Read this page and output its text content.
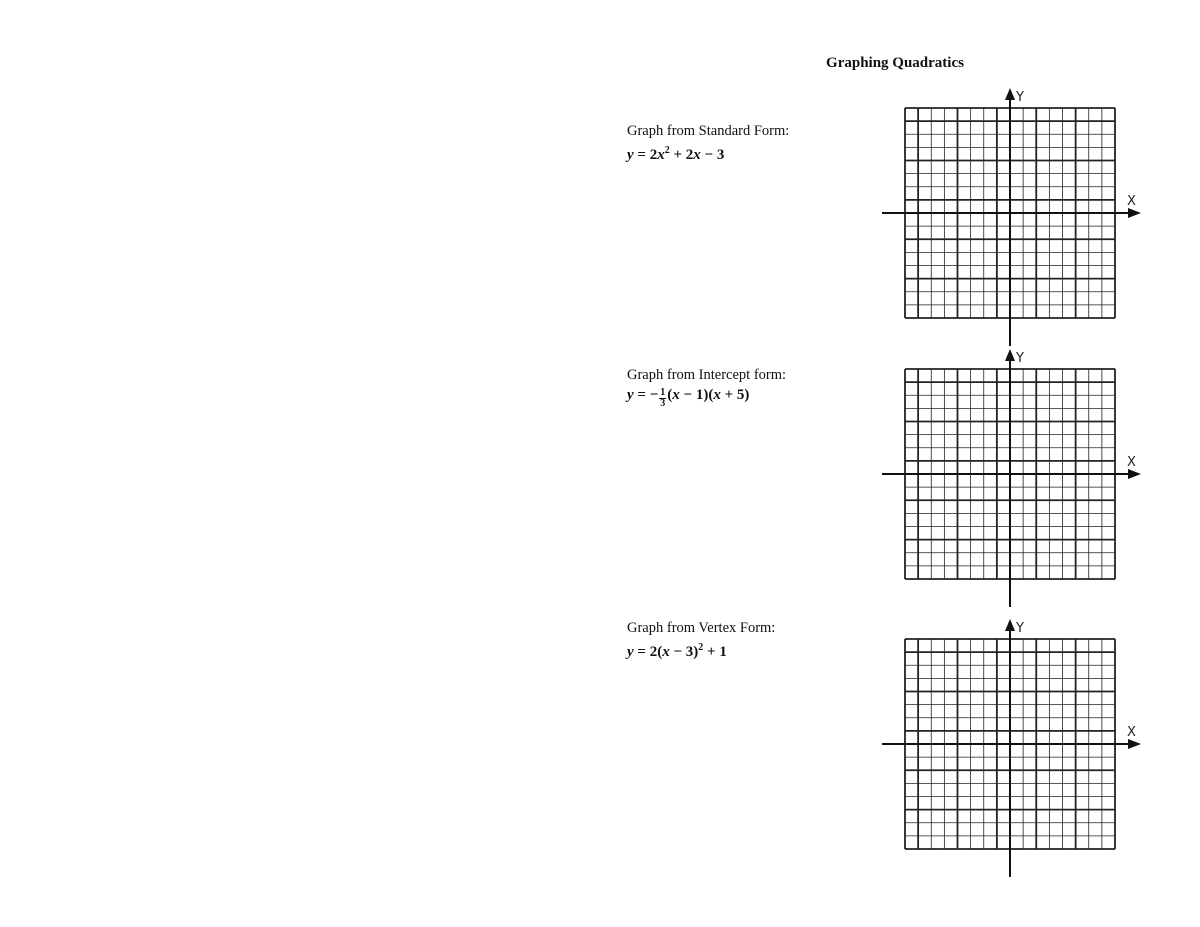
Graphing Quadratics
Graph from Standard Form:
$y = 2x^2 + 2x - 3$
Graph from Intercept form:
y = − $\frac{1}{3} (x - 1)(x + 5)$
Graph from Vertex Form:
$y = 2(x - 3)^2 + 1$
X
Y
X
Y
X
Y
